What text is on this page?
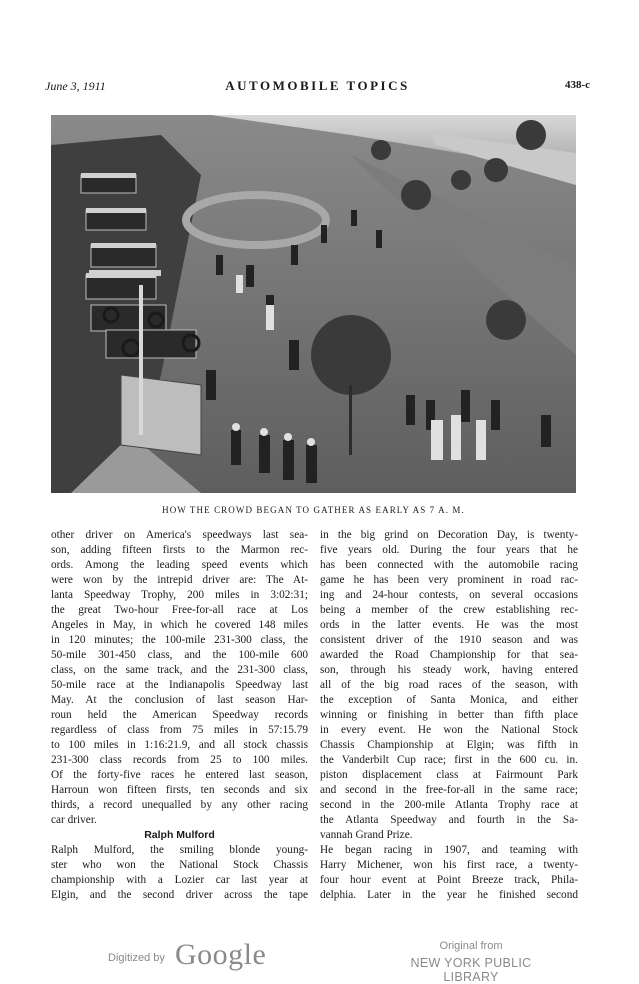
June 3, 1911	AUTOMOBILE TOPICS	438-c
HOW THE CROWD BEGAN TO GATHER AS EARLY AS 7 A. M.
other driver on America's speedways last sea-
son, adding fifteen firsts to the Marmon rec-
ords. Among the leading speed events which
were won by the intrepid driver are: The At-
lanta Speedway Trophy, 200 miles in 3:02:31;
the great Two-hour Free-for-all race at Los
Angeles in May, in which he covered 148 miles
in 120 minutes; the 100-mile 231-300 class, the
50-mile 301-450 class, and the 100-mile 600
class, on the same track, and the 231-300 class,
50-mile race at the Indianapolis Speedway last
May. At the conclusion of last season Har-
roun held the American Speedway records
regardless of class from 75 miles in 57:15.79
to 100 miles in 1:16:21.9, and all stock chassis
231-300 class records from 25 to 100 miles.
Of the forty-five races he entered last season,
Harroun won fifteen firsts, ten seconds and six
thirds, a record unequalled by any other racing
car driver.
Ralph Mulford
Ralph Mulford, the smiling blonde young-
ster who won the National Stock Chassis
championship with a Lozier car last year at
Elgin, and the second driver across the tape
in the big grind on Decoration Day, is twenty-
five years old. During the four years that he
has been connected with the automobile racing
game he has been very prominent in road rac-
ing and 24-hour contests, on several occasions
being a member of the crew establishing rec-
ords in the latter events. He was the most
consistent driver of the 1910 season and was
awarded the Road Championship for that sea-
son, through his steady work, having entered
all of the big road races of the season, with
the exception of Santa Monica, and either
winning or finishing in better than fifth place
in every event. He won the National Stock
Chassis Championship at Elgin; was fifth in
the Vanderbilt Cup race; first in the 600 cu. in.
piston displacement class at Fairmount Park
and second in the free-for-all in the same race;
second in the 200-mile Atlanta Trophy race at
the Atlanta Speedway and fourth in the Sa-
vannah Grand Prize.
He began racing in 1907, and teaming with
Harry Michener, won his first race, a twenty-
four hour event at Point Breeze track, Phila-
delphia. Later in the year he finished second
Digitized by Google	Original from
NEW YORK PUBLIC LIBRARY
